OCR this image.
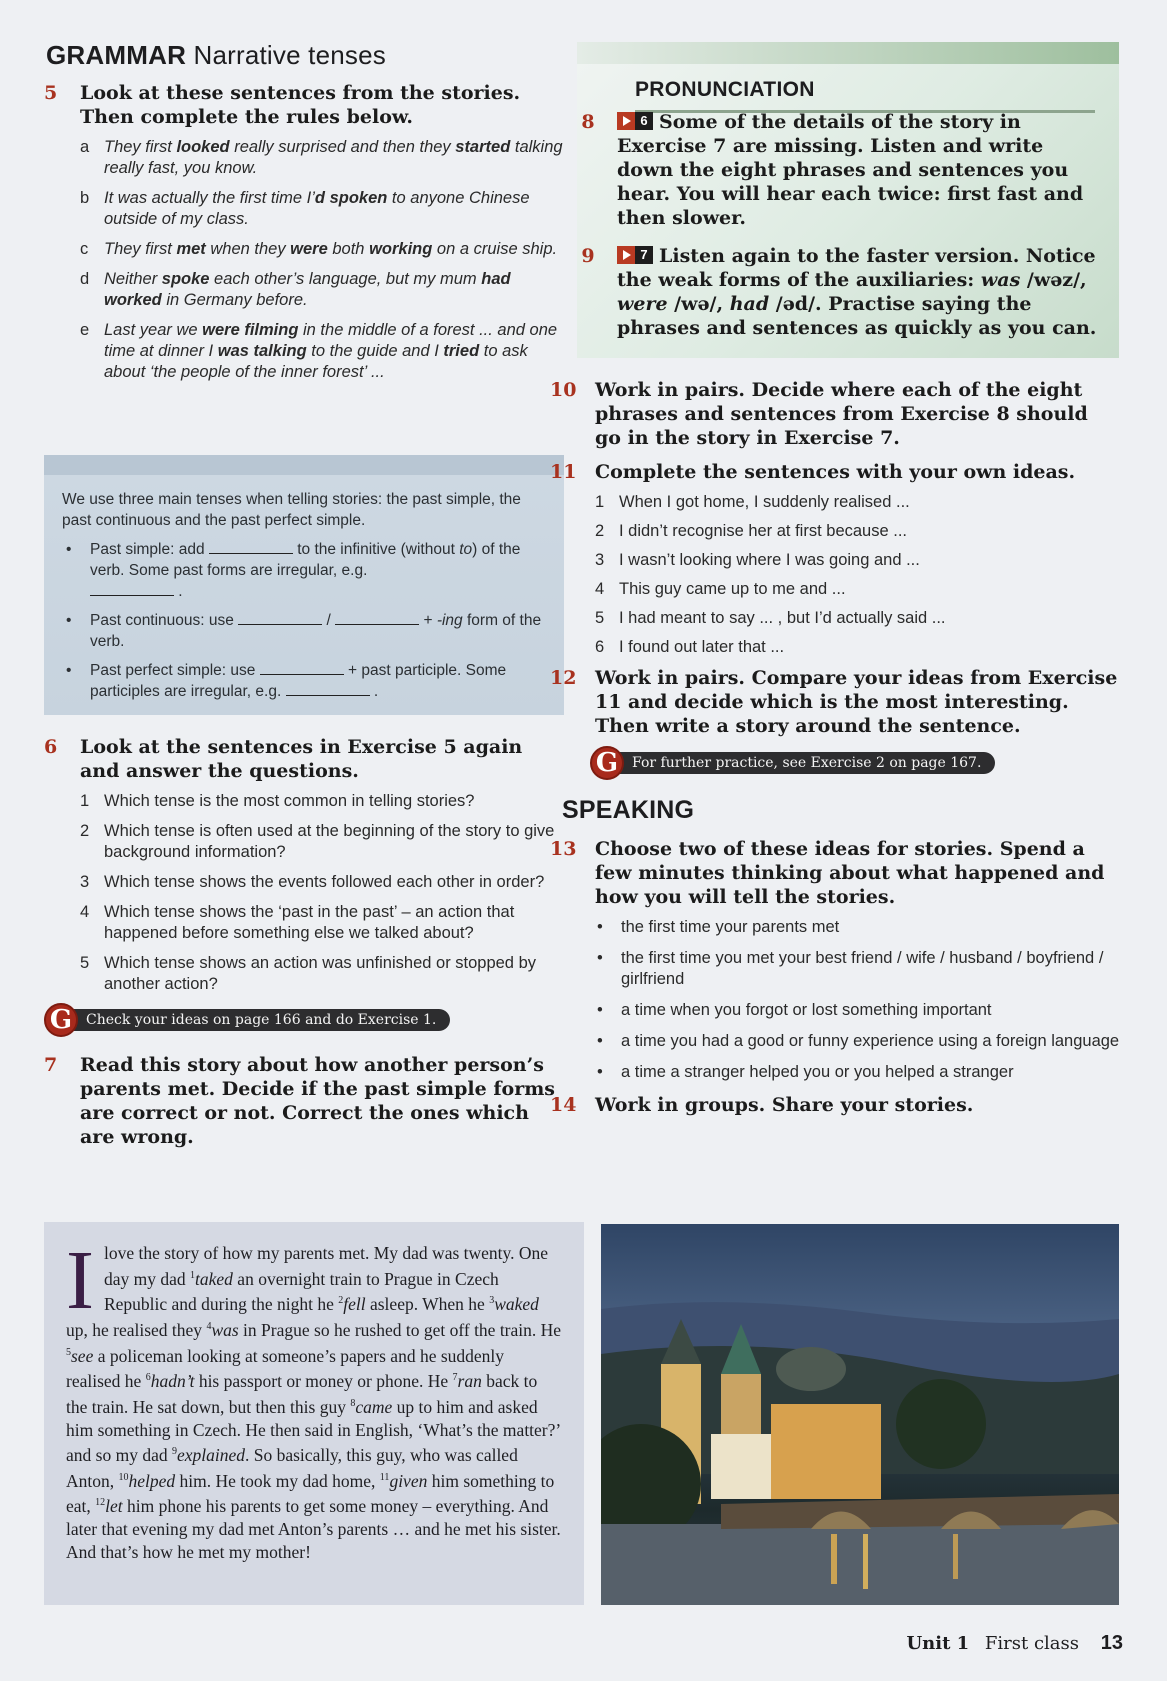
GRAMMAR Narrative tenses
5	Look at these sentences from the stories. Then complete the rules below.
a They first looked really surprised and then they started talking really fast, you know.
b It was actually the first time I’d spoken to anyone Chinese outside of my class.
c They first met when they were both working on a cruise ship.
d Neither spoke each other’s language, but my mum had worked in Germany before.
e Last year we were filming in the middle of a forest ... and one time at dinner I was talking to the guide and I tried to ask about ‘the people of the inner forest’ ...
We use three main tenses when telling stories: the past simple, the past continuous and the past perfect simple.
•	Past simple: add	to the infinitive (without to) of the verb. Some past forms are irregular, e.g.
.
•	Past continuous: use	/	+ -ing form of the verb.
•	Past perfect simple: use	+ past participle. Some participles are irregular, e.g.	.
6	Look at the sentences in Exercise 5 again and answer the questions.
1 Which tense is the most common in telling stories?
2 Which tense is often used at the beginning of the story to give background information?
3 Which tense shows the events followed each other in order?
4 Which tense shows the ‘past in the past’ – an action that happened before something else we talked about?
5 Which tense shows an action was unfinished or stopped by another action?
G Check your ideas on page 166 and do Exercise 1.
7	Read this story about how another person’s parents met. Decide if the past simple forms are correct or not. Correct the ones which are wrong.
I love the story of how my parents met. My dad was twenty. One day my dad $^1$taked an overnight train to Prague in Czech Republic and during the night he $^2$fell asleep. When he $^3$waked up, he realised they $^4$was in Prague so he rushed to get off the train. He $^5$see a policeman looking at someone’s papers and he suddenly realised he $^6$hadn’t his passport or money or phone. He $^7$ran back to the train. He sat down, but then this guy $^8$came up to him and asked him something in Czech. He then said in English, ‘What’s the matter?’ and so my dad $^9$explained. So basically, this guy, who was called Anton, $^{10}$helped him. He took my dad home, $^{11}$given him something to eat, $^{12}$let him phone his parents to get some money – everything. And later that evening my dad met Anton’s parents … and he met his sister. And that’s how he met my mother!
PRONUNCIATION
8	6 Some of the details of the story in Exercise 7 are missing. Listen and write down the eight phrases and sentences you hear. You will hear each twice: first fast and then slower.
9	7 Listen again to the faster version. Notice the weak forms of the auxiliaries: was /wəz/, were /wə/, had /əd/. Practise saying the phrases and sentences as quickly as you can.
10 Work in pairs. Decide where each of the eight phrases and sentences from Exercise 8 should go in the story in Exercise 7.
11 Complete the sentences with your own ideas.
1 When I got home, I suddenly realised ...
2 I didn’t recognise her at first because ...
3 I wasn’t looking where I was going and ...
4 This guy came up to me and ...
5 I had meant to say ... , but I’d actually said ...
6 I found out later that ...
12 Work in pairs. Compare your ideas from Exercise 11 and decide which is the most interesting. Then write a story around the sentence.
G For further practice, see Exercise 2 on page 167.
SPEAKING
13 Choose two of these ideas for stories. Spend a few minutes thinking about what happened and how you will tell the stories.
•	the first time your parents met
•	the first time you met your best friend / wife / husband / boyfriend / girlfriend
•	a time when you forgot or lost something important
•	a time you had a good or funny experience using a foreign language
•	a time a stranger helped you or you helped a stranger
14 Work in groups. Share your stories.
Unit 1 First class 13
